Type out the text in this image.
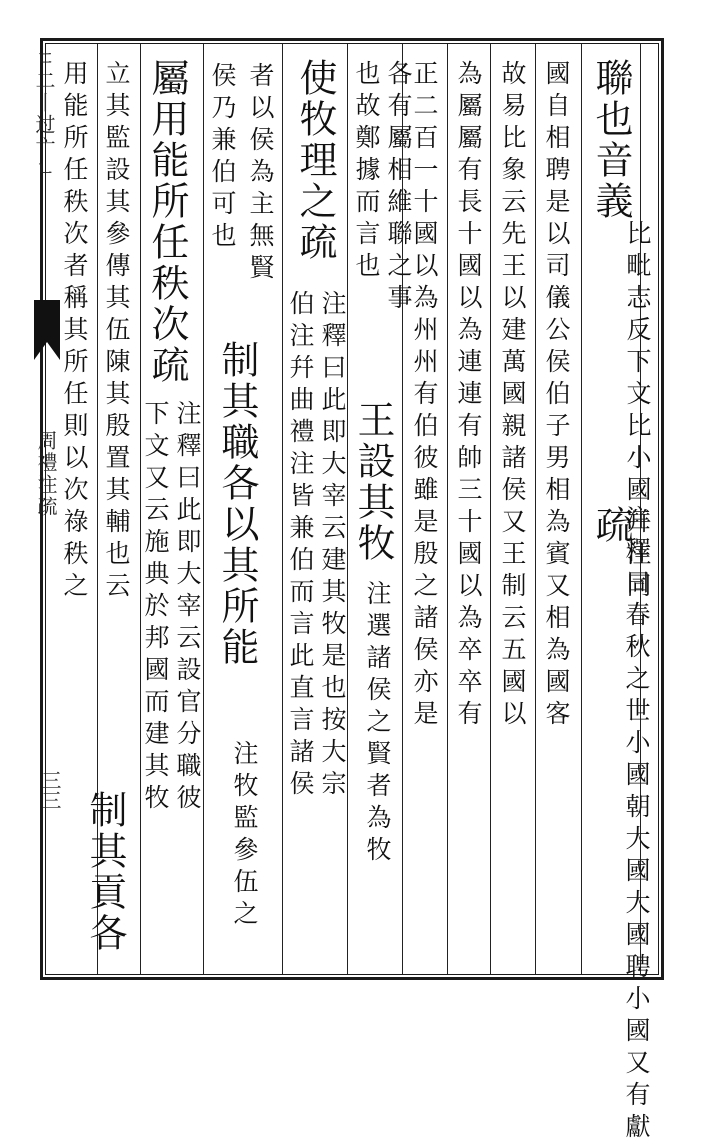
ㄷ二丨过亠ㄴ
周禮注疏
三三
聯也音義
比毗志反下文比小國幷注同
疏
注釋曰春秋之世小國朝大國大國聘小國又有獻
國自相聘是以司儀公侯伯子男相為賓又相為國客
故易比象云先王以建萬國親諸侯又王制云五國以
為屬屬有長十國以為連連有帥三十國以為卒卒有
正二百一十國以為州州有伯彼雖是殷之諸侯亦是
各有屬相維聯之事
也故鄭據而言也
王設其牧
注選諸侯之賢者為牧
使牧理之疏
注釋曰此即大宰云建其牧是也按大宗
伯注幷曲禮注皆兼伯而言此直言諸侯
者以侯為主無賢
侯乃兼伯可也
制其職各以其所能
注牧監參伍之
屬用能所任秩次疏
注釋曰此即大宰云設官分職彼
下文又云施典於邦國而建其牧
立其監設其參傳其伍陳其殷置其輔也云
用能所任秩次者稱其所任則以次祿秩之
制其貢各
